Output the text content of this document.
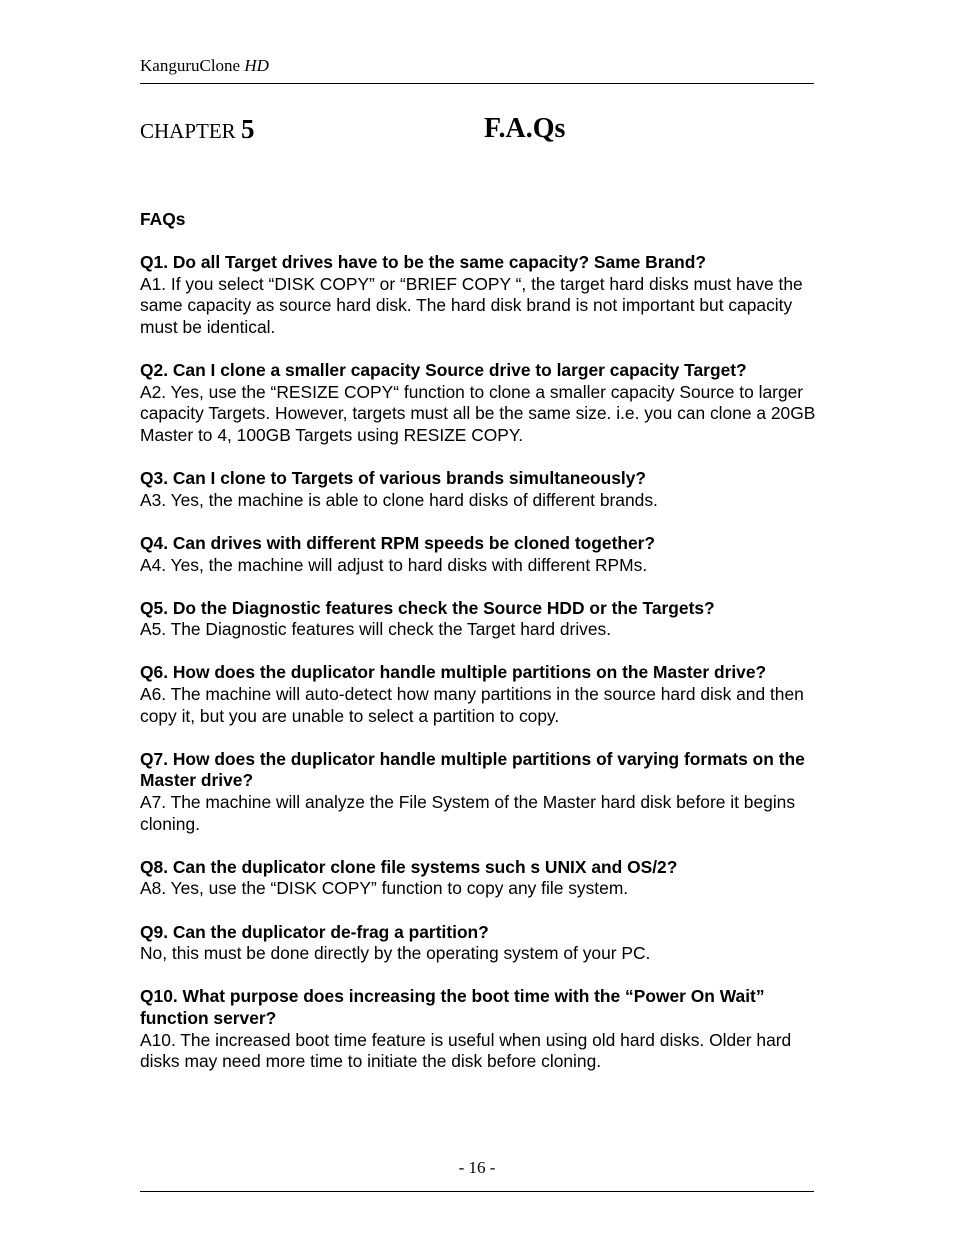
KanguruClone HD
CHAPTER 5	F.A.Qs

FAQs

Q1. Do all Target drives have to be the same capacity? Same Brand?

A1. If you select “DISK COPY” or “BRIEF COPY “, the target hard disks must have the same capacity as source hard disk. The hard disk brand is not important but capacity must be identical.

Q2. Can I clone a smaller capacity Source drive to larger capacity Target?

A2. Yes, use the “RESIZE COPY“ function to clone a smaller capacity Source to larger capacity Targets. However, targets must all be the same size. i.e. you can clone a 20GB Master to 4, 100GB Targets using RESIZE COPY.

Q3. Can I clone to Targets of various brands simultaneously?

A3. Yes, the machine is able to clone hard disks of different brands.

Q4. Can drives with different RPM speeds be cloned together?

A4. Yes, the machine will adjust to hard disks with different RPMs.

Q5. Do the Diagnostic features check the Source HDD or the Targets?

A5. The Diagnostic features will check the Target hard drives.

Q6. How does the duplicator handle multiple partitions on the Master drive?

A6. The machine will auto-detect how many partitions in the source hard disk and then copy it, but you are unable to select a partition to copy.

Q7. How does the duplicator handle multiple partitions of varying formats on the Master drive?

A7. The machine will analyze the File System of the Master hard disk before it begins cloning.

Q8. Can the duplicator clone file systems such s UNIX and OS/2?

A8. Yes, use the “DISK COPY” function to copy any file system.

Q9. Can the duplicator de-frag a partition?

No, this must be done directly by the operating system of your PC.

Q10. What purpose does increasing the boot time with the “Power On Wait” function server?

A10. The increased boot time feature is useful when using old hard disks. Older hard disks may need more time to initiate the disk before cloning.

- 16 -
